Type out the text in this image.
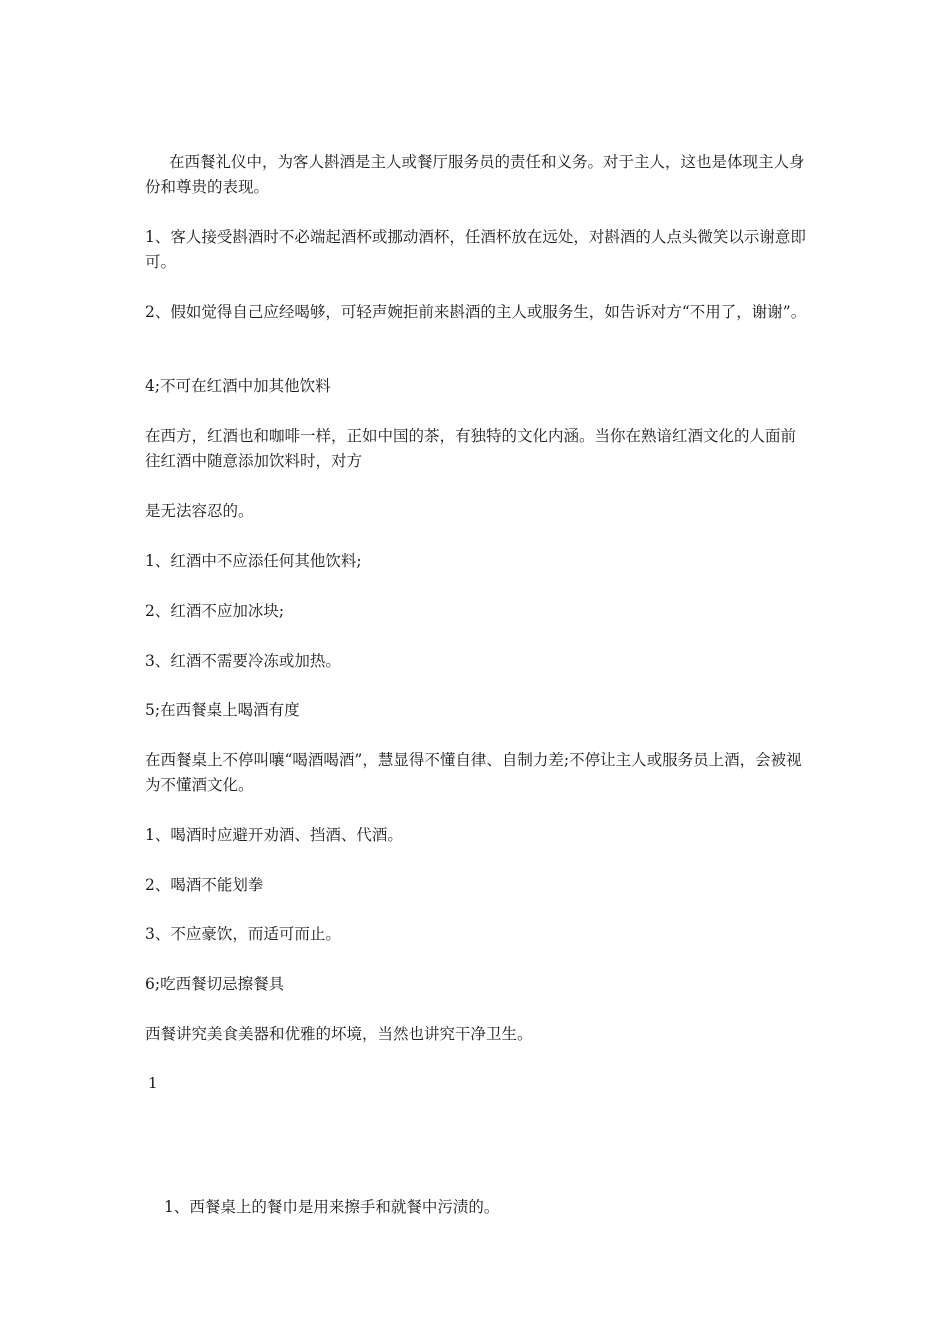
在西餐礼仪中，为客人斟酒是主人或餐厅服务员的责任和义务。对于主人，这也是体现主人身份和尊贵的表现。

1、客人接受斟酒时不必端起酒杯或挪动酒杯，任酒杯放在远处，对斟酒的人点头微笑以示谢意即可。

2、假如觉得自己应经喝够，可轻声婉拒前来斟酒的主人或服务生，如告诉对方“不用了，谢谢”。

4;不可在红酒中加其他饮料

在西方，红酒也和咖啡一样，正如中国的茶，有独特的文化内涵。当你在熟谙红酒文化的人面前往红酒中随意添加饮料时，对方

是无法容忍的。

1、红酒中不应添任何其他饮料;

2、红酒不应加冰块;

3、红酒不需要冷冻或加热。

5;在西餐桌上喝酒有度

在西餐桌上不停叫嚷“喝酒喝酒”，慧显得不懂自律、自制力差;不停让主人或服务员上酒，会被视为不懂酒文化。

1、喝酒时应避开劝酒、挡酒、代酒。

2、喝酒不能划拳

3、不应豪饮，而适可而止。

6;吃西餐切忌擦餐具

西餐讲究美食美器和优雅的坏境，当然也讲究干净卫生。

1

1、西餐桌上的餐巾是用来擦手和就餐中污渍的。
